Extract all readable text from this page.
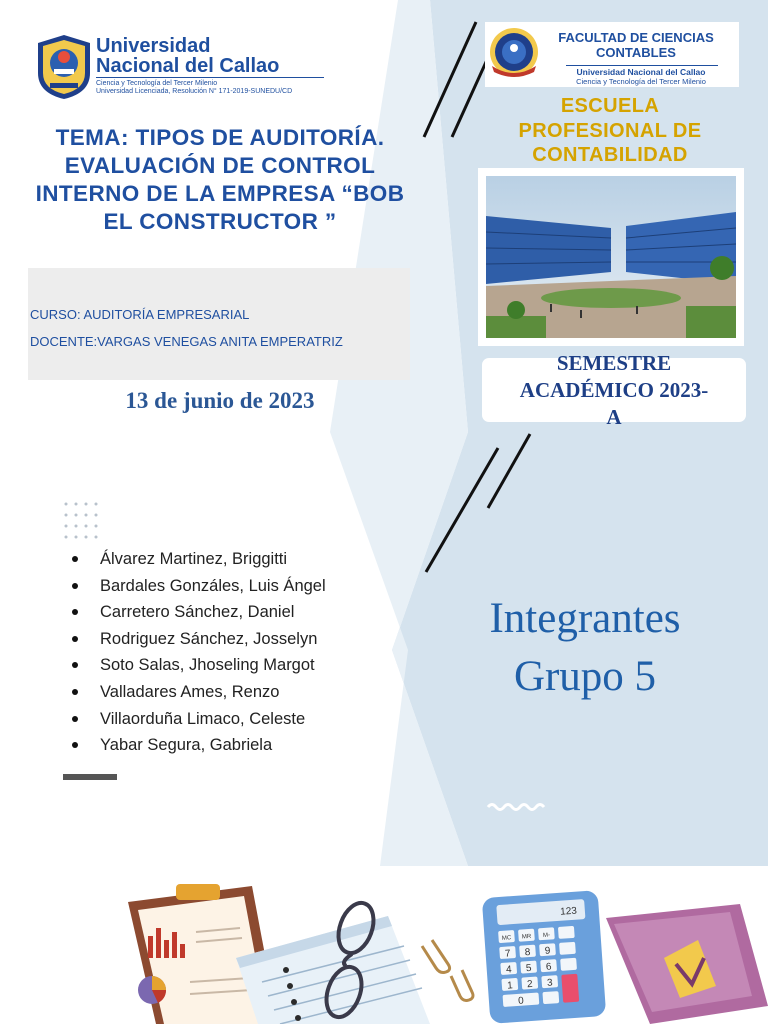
Universidad
Nacional del Callao
Ciencia y Tecnología del Tercer Milenio
Universidad Licenciada, Resolución N° 171-2019-SUNEDU/CD
TEMA: TIPOS DE AUDITORÍA. EVALUACIÓN DE CONTROL INTERNO DE LA EMPRESA “BOB EL CONSTRUCTOR ”
CURSO: AUDITORÍA EMPRESARIAL
DOCENTE:VARGAS VENEGAS ANITA EMPERATRIZ
13 de junio de 2023
Álvarez Martinez, Briggitti
Bardales Gonzáles, Luis Ángel
Carretero Sánchez, Daniel
Rodriguez Sánchez, Josselyn
Soto Salas, Jhoseling Margot
Valladares Ames, Renzo
Villaorduña Limaco, Celeste
Yabar Segura, Gabriela
FACULTAD DE CIENCIAS
CONTABLES
Universidad Nacional del Callao
Ciencia y Tecnología del Tercer Milenio
ESCUELA
PROFESIONAL DE
CONTABILIDAD
SEMESTRE
ACADÉMICO 2023-
A
Integrantes
Grupo 5
123
MC MR M-
7 8 9
4 5 6
1 2 3
0
